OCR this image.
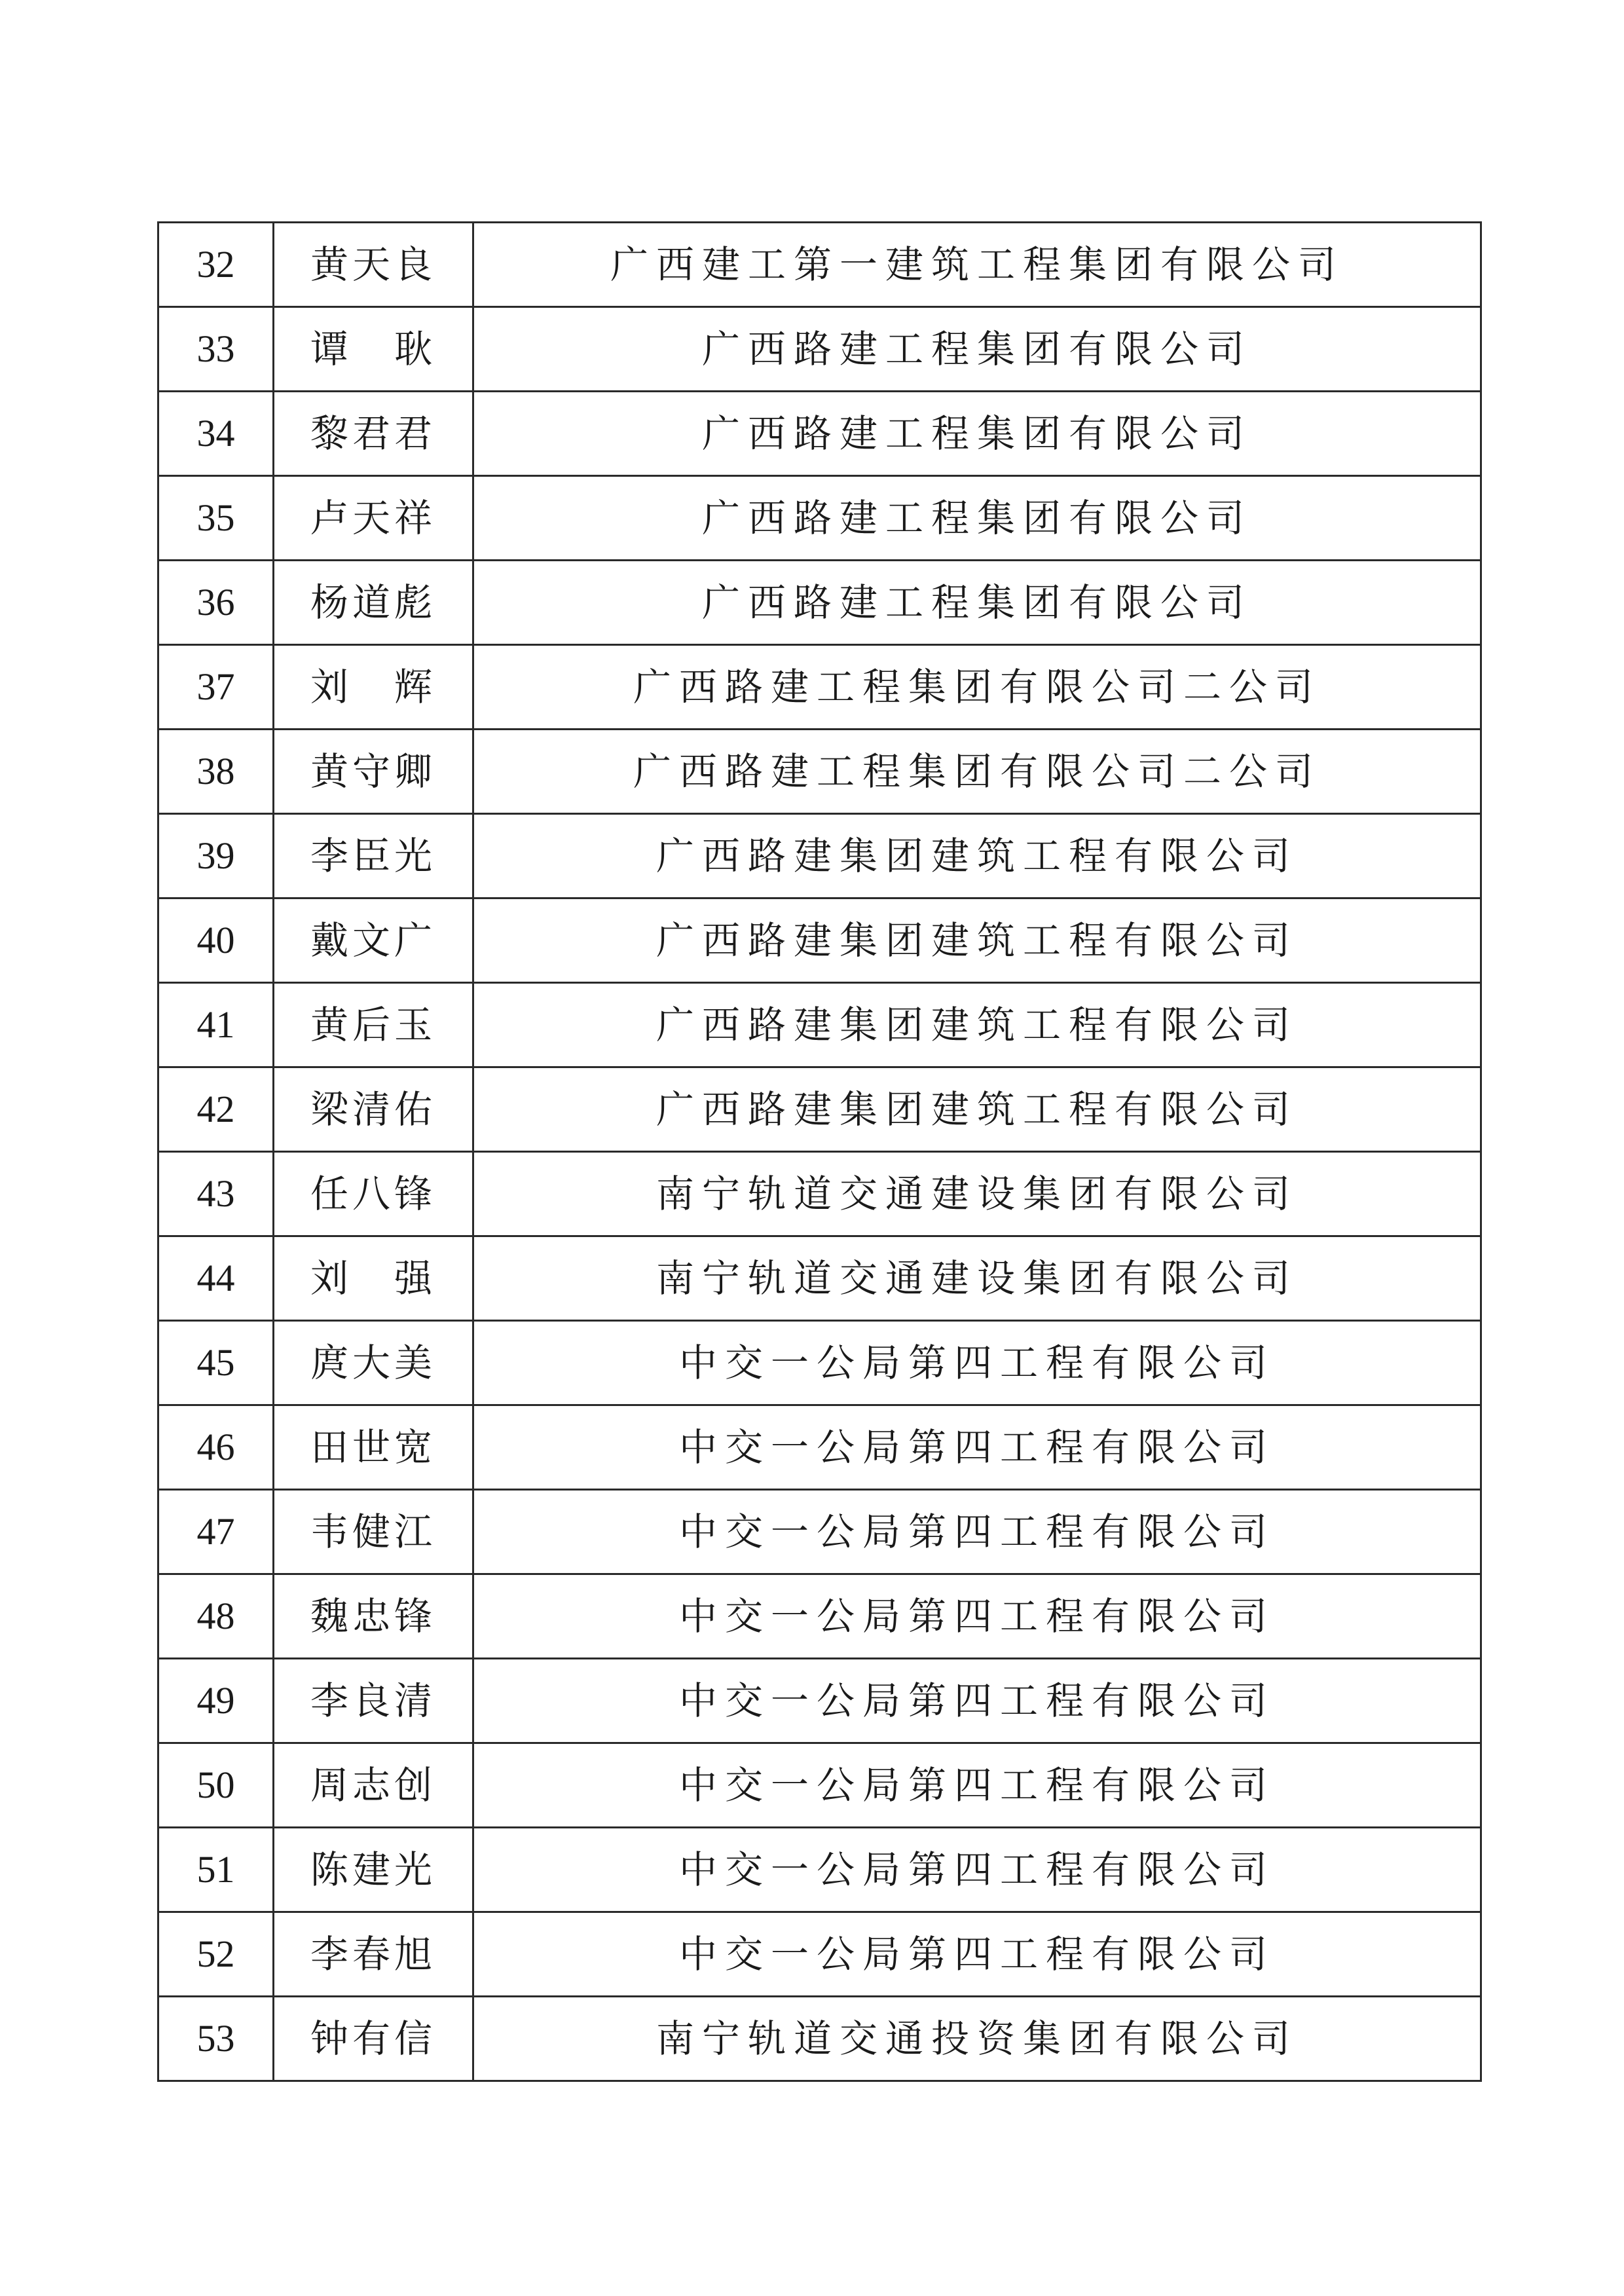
32	黄天良	广西建工第一建筑工程集团有限公司
33	谭　耿	广西路建工程集团有限公司
34	黎君君	广西路建工程集团有限公司
35	卢天祥	广西路建工程集团有限公司
36	杨道彪	广西路建工程集团有限公司
37	刘　辉	广西路建工程集团有限公司二公司
38	黄守卿	广西路建工程集团有限公司二公司
39	李臣光	广西路建集团建筑工程有限公司
40	戴文广	广西路建集团建筑工程有限公司
41	黄后玉	广西路建集团建筑工程有限公司
42	梁清佑	广西路建集团建筑工程有限公司
43	任八锋	南宁轨道交通建设集团有限公司
44	刘　强	南宁轨道交通建设集团有限公司
45	庹大美	中交一公局第四工程有限公司
46	田世宽	中交一公局第四工程有限公司
47	韦健江	中交一公局第四工程有限公司
48	魏忠锋	中交一公局第四工程有限公司
49	李良清	中交一公局第四工程有限公司
50	周志创	中交一公局第四工程有限公司
51	陈建光	中交一公局第四工程有限公司
52	李春旭	中交一公局第四工程有限公司
53	钟有信	南宁轨道交通投资集团有限公司
